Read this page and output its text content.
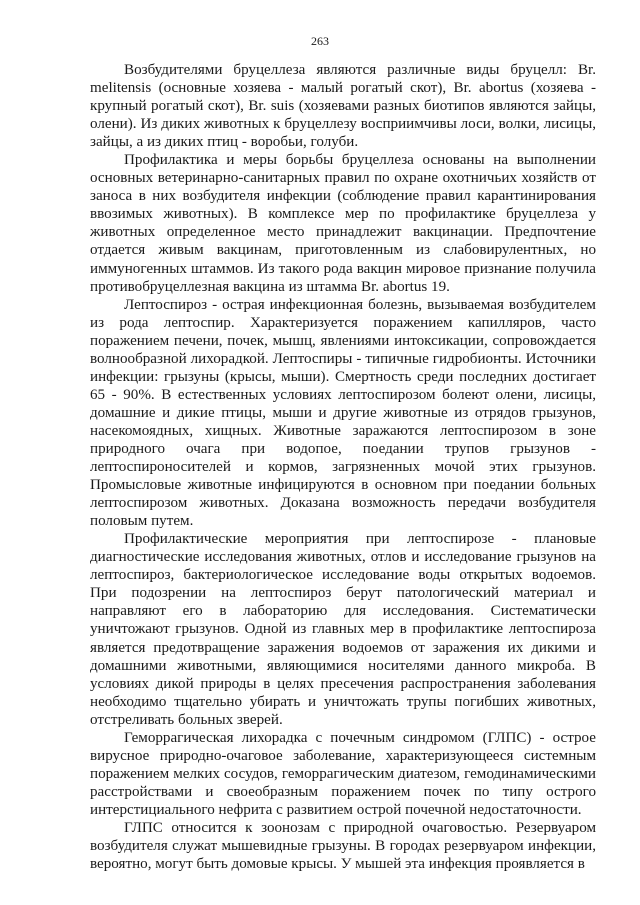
263

Возбудителями бруцеллеза являются различные виды бруцелл: Br. melitensis (основные хозяева - малый рогатый скот), Br. abortus (хозяева - крупный рогатый скот), Br. suis (хозяевами разных биотипов являются зайцы, олени). Из диких животных к бруцеллезу восприимчивы лоси, волки, лисицы, зайцы, а из диких птиц - воробьи, голуби.

Профилактика и меры борьбы бруцеллеза основаны на выполнении основных ветеринарно-санитарных правил по охране охотничьих хозяйств от заноса в них возбудителя инфекции (соблюдение правил карантинирования ввозимых животных). В комплексе мер по профилактике бруцеллеза у животных определенное место принадлежит вакцинации. Предпочтение отдается живым вакцинам, приготовленным из слабовирулентных, но иммуногенных штаммов. Из такого рода вакцин мировое признание получила противобруцеллезная вакцина из штамма Br. abortus 19.

Лептоспироз - острая инфекционная болезнь, вызываемая возбудителем из рода лептоспир. Характеризуется поражением капилляров, часто поражением печени, почек, мышц, явлениями интоксикации, сопровождается волнообразной лихорадкой. Лептоспиры - типичные гидробионты. Источники инфекции: грызуны (крысы, мыши). Смертность среди последних достигает 65 - 90%. В естественных условиях лептоспирозом болеют олени, лисицы, домашние и дикие птицы, мыши и другие животные из отрядов грызунов, насекомоядных, хищных. Животные заражаются лептоспирозом в зоне природного очага при водопое, поедании трупов грызунов - лептоспироносителей и кормов, загрязненных мочой этих грызунов. Промысловые животные инфицируются в основном при поедании больных лептоспирозом животных. Доказана возможность передачи возбудителя половым путем.

Профилактические мероприятия при лептоспирозе - плановые диагностические исследования животных, отлов и исследование грызунов на лептоспироз, бактериологическое исследование воды открытых водоемов. При подозрении на лептоспироз берут патологический материал и направляют его в лабораторию для исследования. Систематически уничтожают грызунов. Одной из главных мер в профилактике лептоспироза является предотвращение заражения водоемов от заражения их дикими и домашними животными, являющимися носителями данного микроба. В условиях дикой природы в целях пресечения распространения заболевания необходимо тщательно убирать и уничтожать трупы погибших животных, отстреливать больных зверей.

Геморрагическая лихорадка с почечным синдромом (ГЛПС) - острое вирусное природно-очаговое заболевание, характеризующееся системным поражением мелких сосудов, геморрагическим диатезом, гемодинамическими расстройствами и своеобразным поражением почек по типу острого интерстициального нефрита с развитием острой почечной недостаточности.

ГЛПС относится к зоонозам с природной очаговостью. Резервуаром возбудителя служат мышевидные грызуны. В городах резервуаром инфекции, вероятно, могут быть домовые крысы. У мышей эта инфекция проявляется в
